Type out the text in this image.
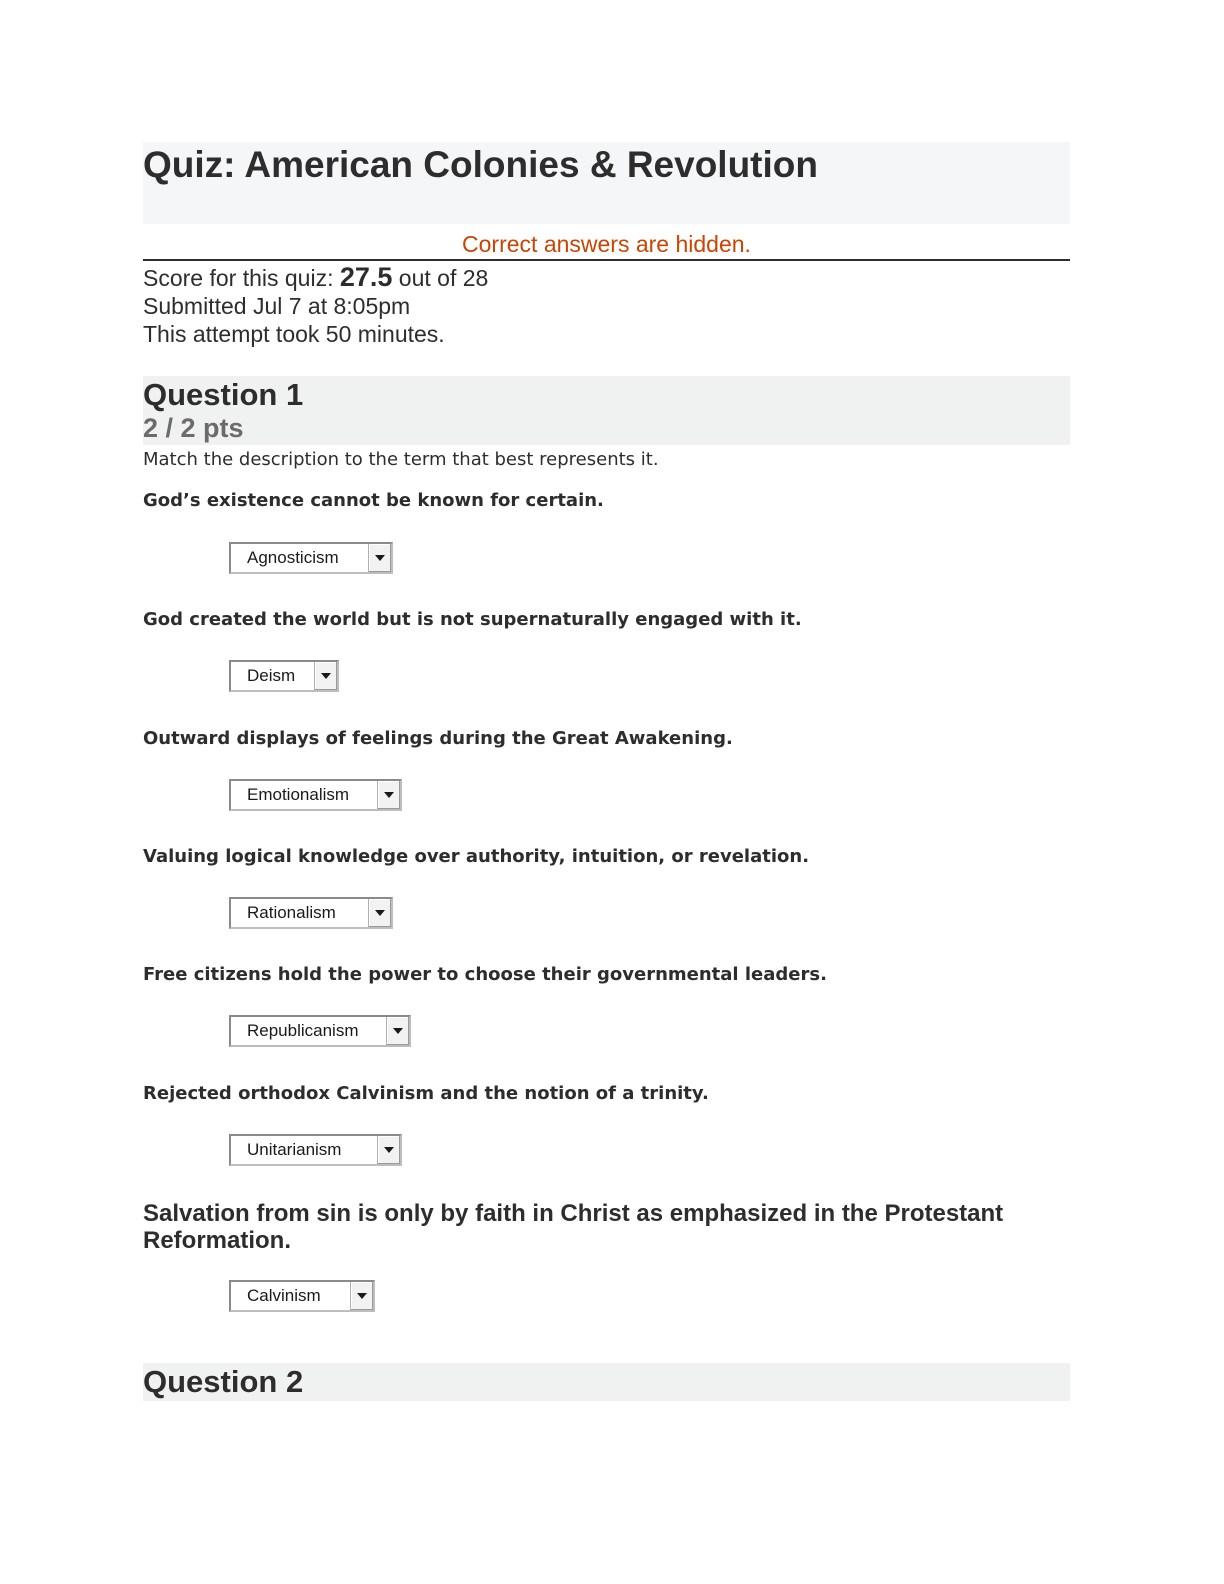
Quiz: American Colonies & Revolution
Correct answers are hidden.
Score for this quiz: 27.5 out of 28
Submitted Jul 7 at 8:05pm
This attempt took 50 minutes.
Question 1
2 / 2 pts
Match the description to the term that best represents it.
God’s existence cannot be known for certain.
Agnosticism
God created the world but is not supernaturally engaged with it.
Deism
Outward displays of feelings during the Great Awakening.
Emotionalism
Valuing logical knowledge over authority, intuition, or revelation.
Rationalism
Free citizens hold the power to choose their governmental leaders.
Republicanism
Rejected orthodox Calvinism and the notion of a trinity.
Unitarianism
Salvation from sin is only by faith in Christ as emphasized in the Protestant Reformation.
Calvinism
Question 2
